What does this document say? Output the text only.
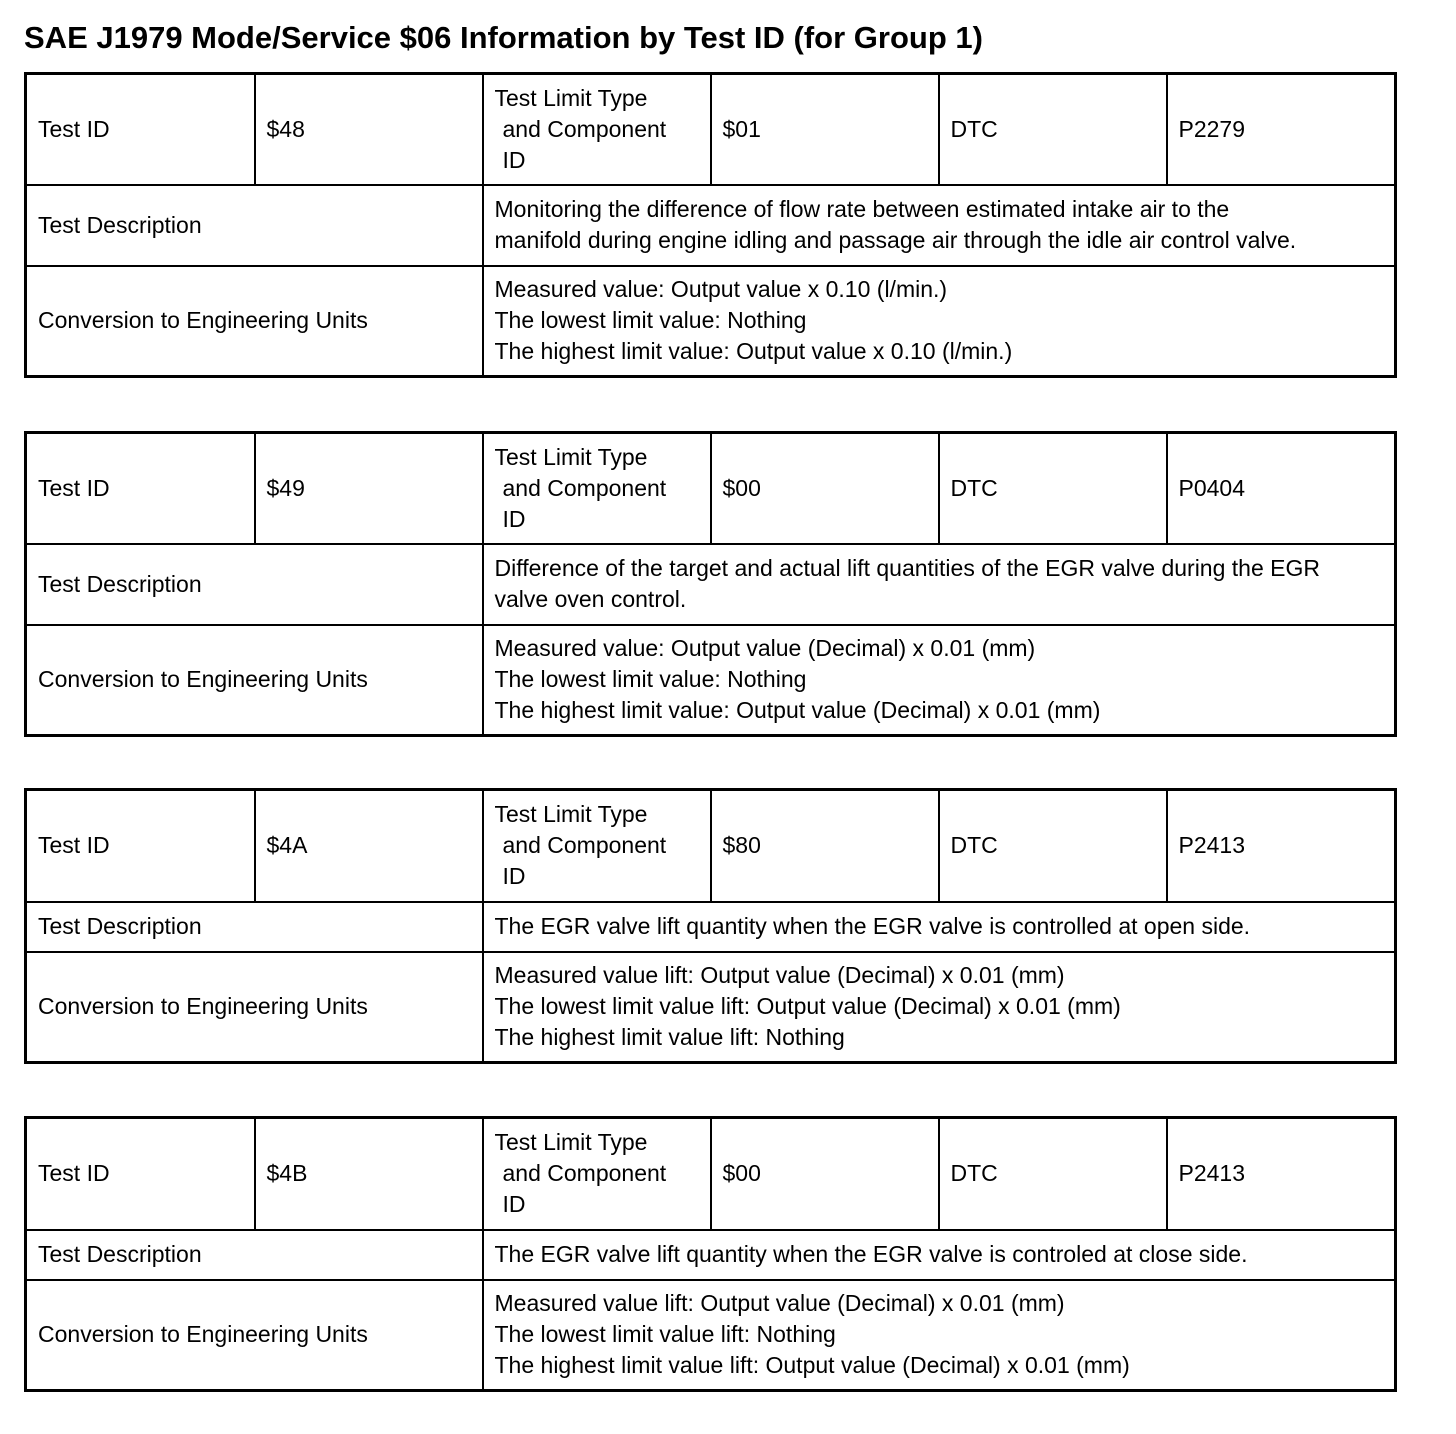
SAE J1979 Mode/Service $06 Information by Test ID (for Group 1)
Test ID	$48	Test Limit Type
and Component
ID	$01	DTC	P2279
Test Description		Monitoring the difference of flow rate between estimated intake air to the
manifold during engine idling and passage air through the idle air control valve.			

Conversion to Engineering Units		Measured value: Output value x 0.10 (l/min.)
The lowest limit value: Nothing
The highest limit value: Output value x 0.10 (l/min.)			
Test ID	$49	Test Limit Type
and Component
ID	$00	DTC	P0404
Test Description		Difference of the target and actual lift quantities of the EGR valve during the EGR
valve oven control.			

Conversion to Engineering Units		Measured value: Output value (Decimal) x 0.01 (mm)
The lowest limit value: Nothing
The highest limit value: Output value (Decimal) x 0.01 (mm)			
Test ID	$4A	Test Limit Type
and Component
ID	$80	DTC	P2413
Test Description		The EGR valve lift quantity when the EGR valve is controlled at open side.			

Conversion to Engineering Units		Measured value lift: Output value (Decimal) x 0.01 (mm)
The lowest limit value lift: Output value (Decimal) x 0.01 (mm)
The highest limit value lift: Nothing			
Test ID	$4B	Test Limit Type
and Component
ID	$00	DTC	P2413
Test Description		The EGR valve lift quantity when the EGR valve is controled at close side.			

Conversion to Engineering Units		Measured value lift: Output value (Decimal) x 0.01 (mm)
The lowest limit value lift: Nothing
The highest limit value lift: Output value (Decimal) x 0.01 (mm)			
